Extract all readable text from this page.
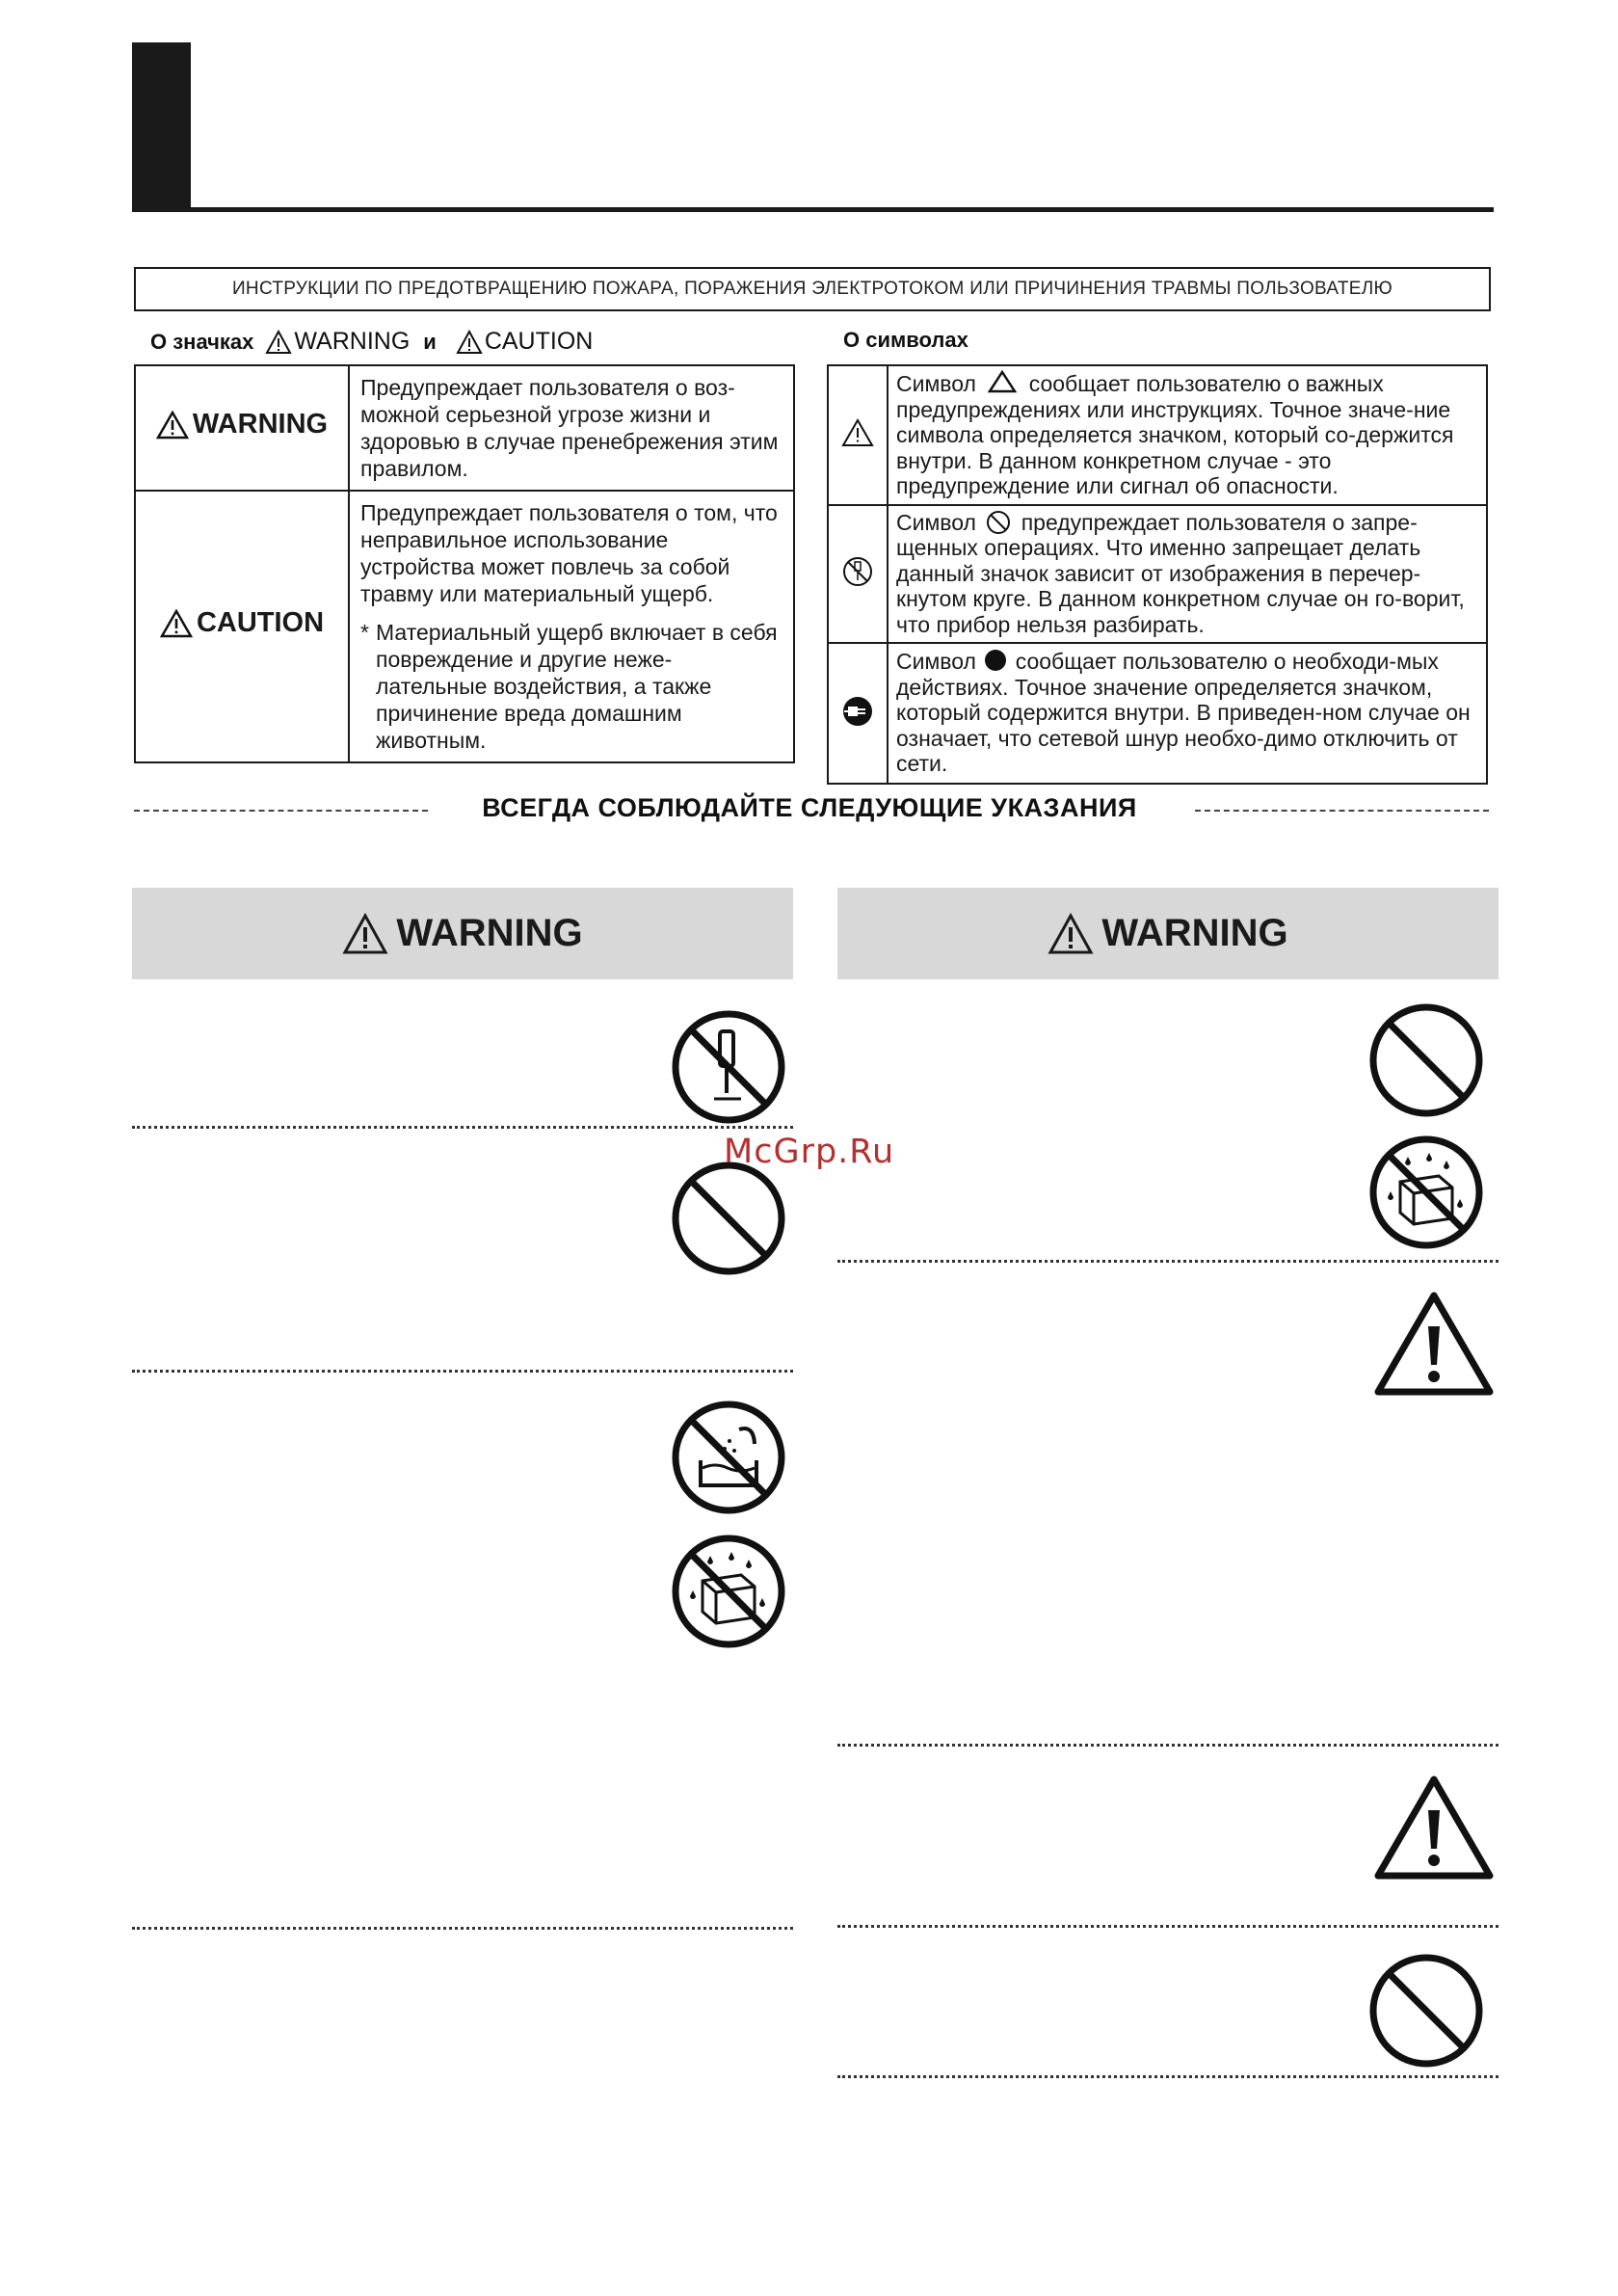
ИНСТРУКЦИИ ПО ПРЕДОТВРАЩЕНИЮ ПОЖАРА, ПОРАЖЕНИЯ ЭЛЕКТРОТОКОМ ИЛИ ПРИЧИНЕНИЯ ТРАВМЫ ПОЛЬЗОВАТЕЛЮ
О значках WARNING и CAUTION
WARNING	Предупреждает пользователя о воз-можной серьезной угрозе жизни и здоровью в случае пренебрежения этим правилом.

CAUTION	Предупреждает пользователя о том, что неправильное использование устройства может повлечь за собой травму или материальный ущерб.
* Материальный ущерб включает в себя повреждение и другие неже-лательные воздействия, а также причинение вреда домашним животным.
О символах
	Символ сообщает пользователю о важных предупреждениях или инструкциях. Точное значе-ние символа определяется значком, который со-держится внутри. В данном конкретном случае - это предупреждение или сигнал об опасности.
	Символ предупреждает пользователя о запре-щенных операциях. Что именно запрещает делать данный значок зависит от изображения в перечер-кнутом круге. В данном конкретном случае он го-ворит, что прибор нельзя разбирать.
	Символ сообщает пользователю о необходи-мых действиях. Точное значение определяется значком, который содержится внутри. В приведен-ном случае он означает, что сетевой шнур необхо-димо отключить от сети.
ВСЕГДА СОБЛЮДАЙТЕ СЛЕДУЮЩИЕ УКАЗАНИЯ
WARNING	WARNING
McGrp.Ru
